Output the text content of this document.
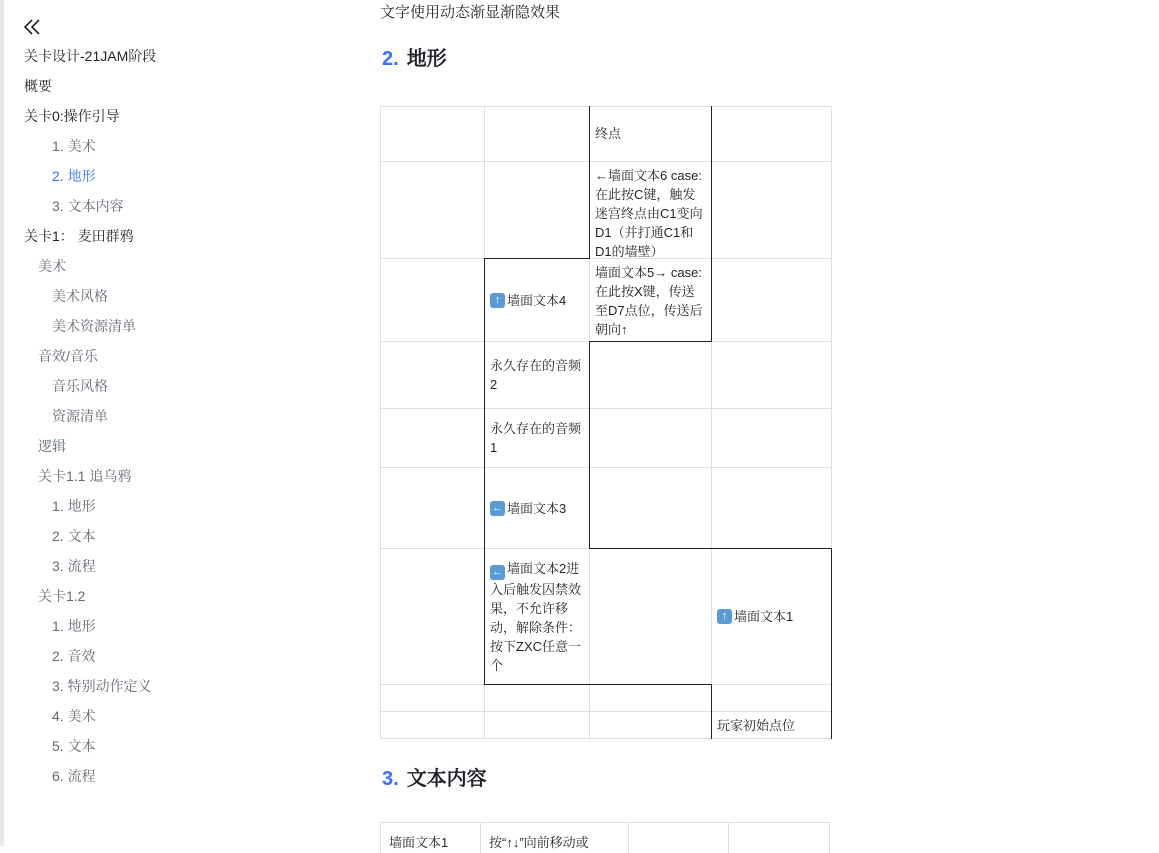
关卡设计-21JAM阶段
概要
关卡0:操作引导
1. 美术
2. 地形
3. 文本内容
关卡1： 麦田群鸦
美术
美术风格
美术资源清单
音效/音乐
音乐风格
资源清单
逻辑
关卡1.1 追乌鸦
1. 地形
2. 文本
3. 流程
关卡1.2
1. 地形
2. 音效
3. 特别动作定义
4. 美术
5. 文本
6. 流程
文字使用动态渐显渐隐效果
2. 地形
终点
←墙面文本6 case:在此按C键，触发迷宫终点由C1变向D1（并打通C1和D1的墙壁）
墙面文本5→ case:在此按X键，传送至D7点位，传送后朝向↑
↑ 墙面文本4
永久存在的音频2
永久存在的音频1
← 墙面文本3
← 墙面文本2进入后触发囚禁效果，不允许移动，解除条件：按下ZXC任意一个
↑ 墙面文本1
玩家初始点位
3. 文本内容
墙面文本1	按“↑↓”向前移动或
